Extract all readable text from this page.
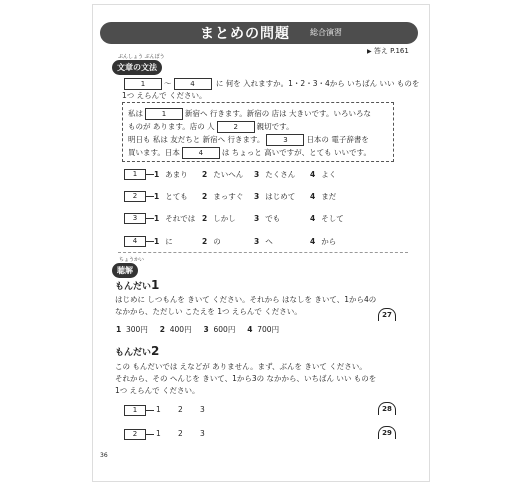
まとめの問題	総合演習
▶ 答え P.161
ぶんしょう ぶんぽう
文章の文法
1	〜	4	に 何を 入れますか。1・2・3・4から いちばん いい ものを
1つ えらんで ください。
私は	1	新宿へ 行きます。新宿の 店は 大きいです。いろいろな
ものが あります。店の 人	2	親切です。
明日も 私は 友だちと 新宿へ 行きます。	3	日本の 電子辞書を
買います。日本	4	は ちょっと 高いですが、とても いいです。
1	1 あまり 2 たいへん 3 たくさん 4 よく
2	1 とても 2 まっすぐ 3 はじめて 4 まだ
3	1 それでは 2 しかし 3 でも	4 そして
4	1 に	2 の	3 へ	4 から
ちょうかい
聴解
もんだい1
はじめに しつもんを きいて ください。それから はなしを きいて、1から4の
なかから、ただしい こたえを 1つ えらんで ください。	27
1 300円 2 400円 3 600円 4 700円
もんだい2
この もんだいでは えなどが ありません。まず、ぶんを きいて ください。
それから、その へんじを きいて、1から3の なかから、いちばん いい ものを
1つ えらんで ください。
1	1 2 3	28
2	1 2 3	29
36
